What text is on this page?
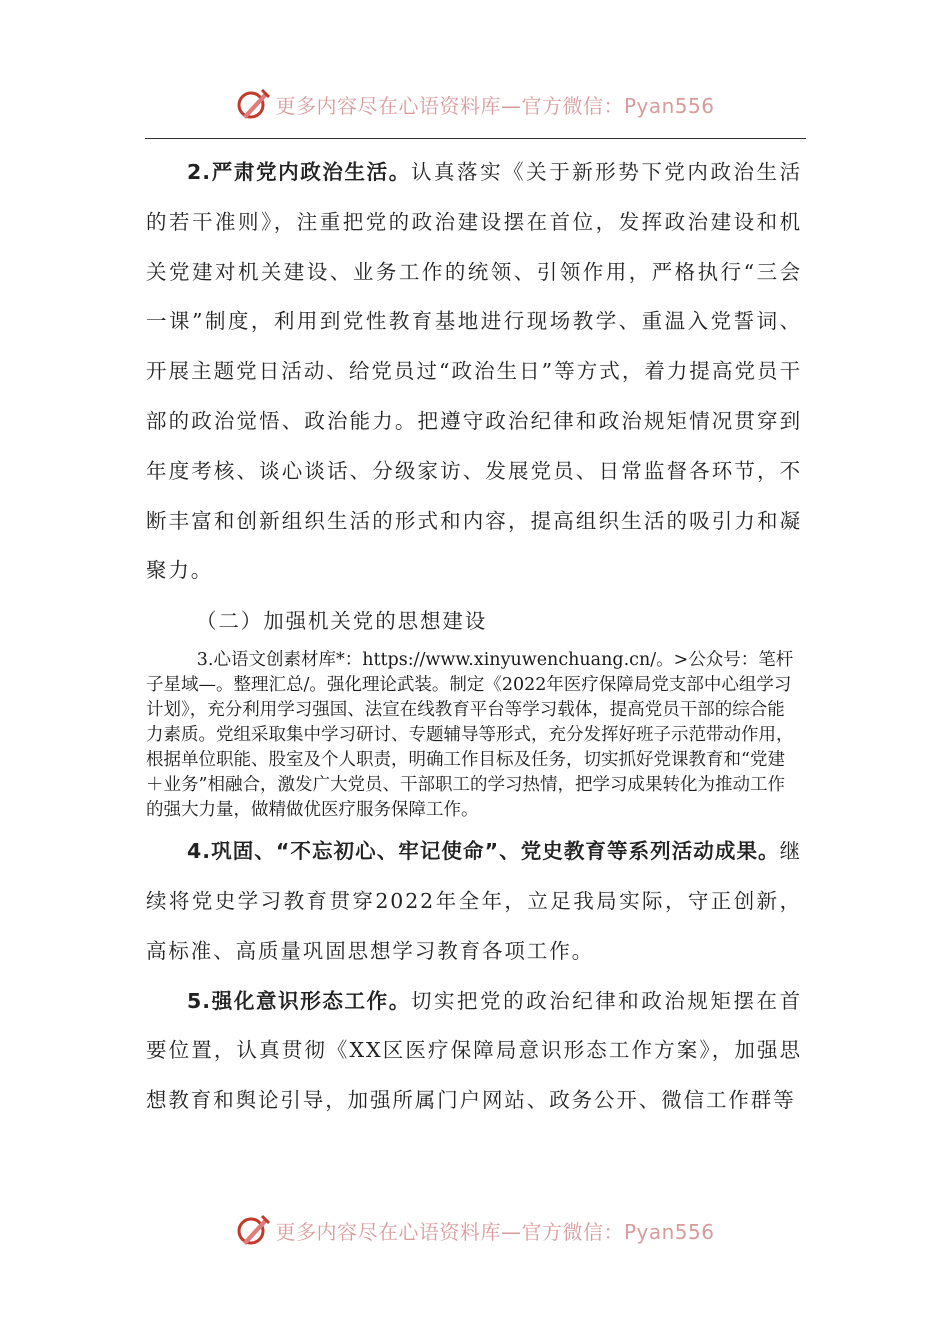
更多内容尽在心语资料库—官方微信：Pyan556

2.严肃党内政治生活。认真落实《关于新形势下党内政治生活的若干准则》，注重把党的政治建设摆在首位，发挥政治建设和机关党建对机关建设、业务工作的统领、引领作用，严格执行“三会一课”制度，利用到党性教育基地进行现场教学、重温入党誓词、开展主题党日活动、给党员过“政治生日”等方式，着力提高党员干部的政治觉悟、政治能力。把遵守政治纪律和政治规矩情况贯穿到年度考核、谈心谈话、分级家访、发展党员、日常监督各环节，不断丰富和创新组织生活的形式和内容，提高组织生活的吸引力和凝聚力。

（二）加强机关党的思想建设

3.心语文创素材库*：https://www.xinyuwenchuang.cn/。>公众号：笔杆子星域—。整理汇总/。强化理论武装。制定《2022年医疗保障局党支部中心组学习计划》，充分利用学习强国、法宣在线教育平台等学习载体，提高党员干部的综合能力素质。党组采取集中学习研讨、专题辅导等形式，充分发挥好班子示范带动作用，根据单位职能、股室及个人职责，明确工作目标及任务，切实抓好党课教育和“党建＋业务”相融合，激发广大党员、干部职工的学习热情，把学习成果转化为推动工作的强大力量，做精做优医疗服务保障工作。

4.巩固、“不忘初心、牢记使命”、党史教育等系列活动成果。继续将党史学习教育贯穿2022年全年，立足我局实际，守正创新，高标准、高质量巩固思想学习教育各项工作。

5.强化意识形态工作。切实把党的政治纪律和政治规矩摆在首要位置，认真贯彻《XX区医疗保障局意识形态工作方案》，加强思想教育和舆论引导，加强所属门户网站、政务公开、微信工作群等

更多内容尽在心语资料库—官方微信：Pyan556
